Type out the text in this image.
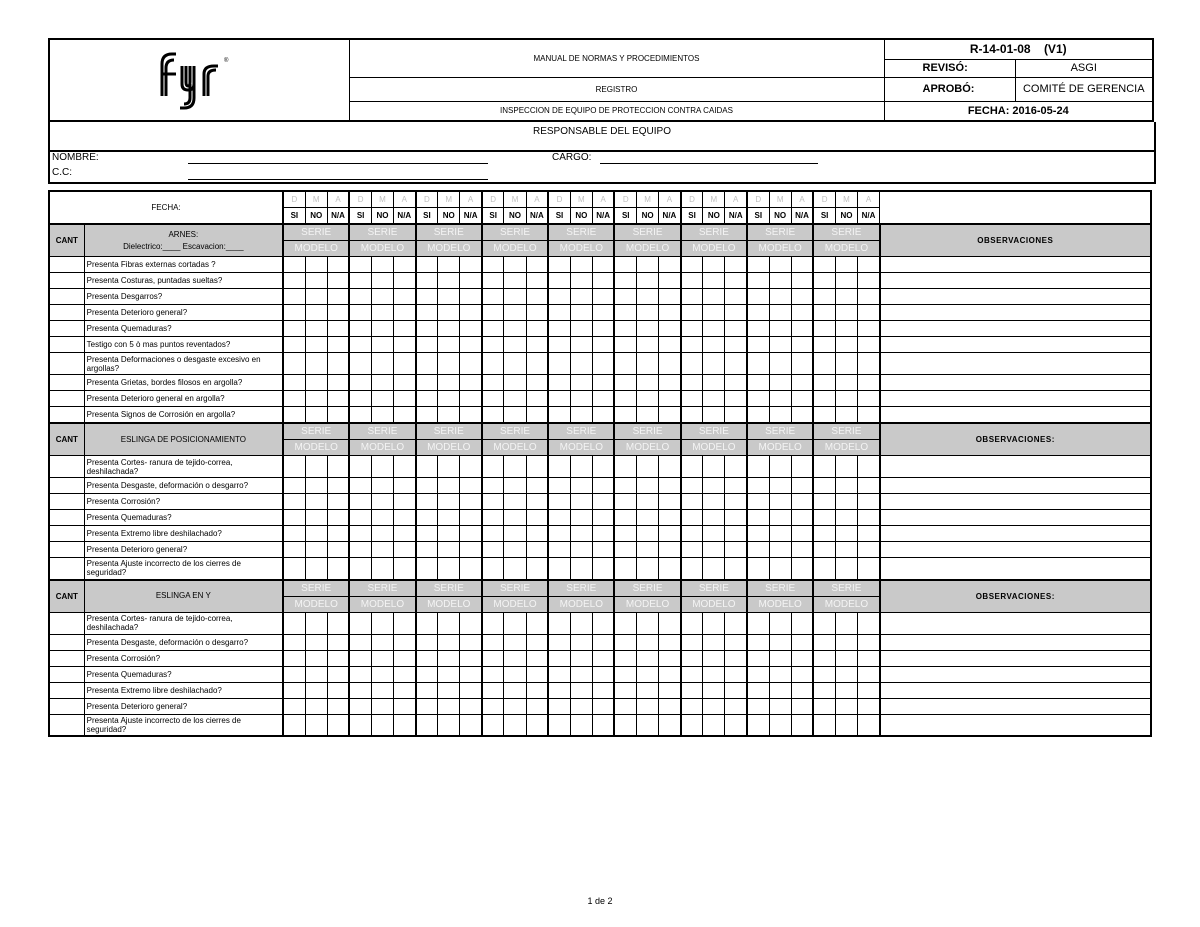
®	MANUAL DE NORMAS Y PROCEDIMIENTOS	R-14-01-08 (V1)	
		REVISÓ:	ASGI
	REGISTRO	APROBÓ:	COMITÉ DE GERENCIA
	INSPECCION DE EQUIPO DE PROTECCION CONTRA CAIDAS	FECHA: 2016-05-24	
RESPONSABLE DEL EQUIPO
NOMBRE:
C.C:
CARGO:
FECHA:		D	M	A	D	M	A	D	M	A	D	M	A	D	M	A	D	M	A	D	M	A	D	M	A	D	M	A	
		SI	NO	N/A	SI	NO	N/A	SI	NO	N/A	SI	NO	N/A	SI	NO	N/A	SI	NO	N/A	SI	NO	N/A	SI	NO	N/A	SI	NO	N/A	
CANT	ARNES:
Dielectrico:____ Escavacion:____	SERIE			SERIE			SERIE			SERIE			SERIE			SERIE			SERIE			SERIE			SERIE			OBSERVACIONES
		MODELO			MODELO			MODELO			MODELO			MODELO			MODELO			MODELO			MODELO			MODELO			
	Presenta Fibras externas cortadas ?																												
	Presenta Costuras, puntadas sueltas?																												
	Presenta Desgarros?																												
	Presenta Deterioro general?																												
	Presenta Quemaduras?																												
	Testigo con 5 ò mas puntos reventados?																												
	Presenta Deformaciones o desgaste excesivo en argollas?																												
	Presenta Grietas, bordes filosos en argolla?																												
	Presenta Deterioro general en argolla?																												
	Presenta Signos de Corrosión en argolla?																												
CANT	ESLINGA DE POSICIONAMIENTO	SERIE			SERIE			SERIE			SERIE			SERIE			SERIE			SERIE			SERIE			SERIE			OBSERVACIONES:
		MODELO			MODELO			MODELO			MODELO			MODELO			MODELO			MODELO			MODELO			MODELO			
	Presenta Cortes- ranura de tejido-correa, deshilachada?																												
	Presenta Desgaste, deformación o desgarro?																												
	Presenta Corrosión?																												
	Presenta Quemaduras?																												
	Presenta Extremo libre deshilachado?																												
	Presenta Deterioro general?																												
	Presenta Ajuste incorrecto de los cierres de seguridad?																												
CANT	ESLINGA EN Y	SERIE			SERIE			SERIE			SERIE			SERIE			SERIE			SERIE			SERIE			SERIE			OBSERVACIONES:
		MODELO			MODELO			MODELO			MODELO			MODELO			MODELO			MODELO			MODELO			MODELO			
	Presenta Cortes- ranura de tejido-correa, deshilachada?																												
	Presenta Desgaste, deformación o desgarro?																												
	Presenta Corrosión?																												
	Presenta Quemaduras?																												
	Presenta Extremo libre deshilachado?																												
	Presenta Deterioro general?																												
	Presenta Ajuste incorrecto de los cierres de seguridad?																												
1 de 2
